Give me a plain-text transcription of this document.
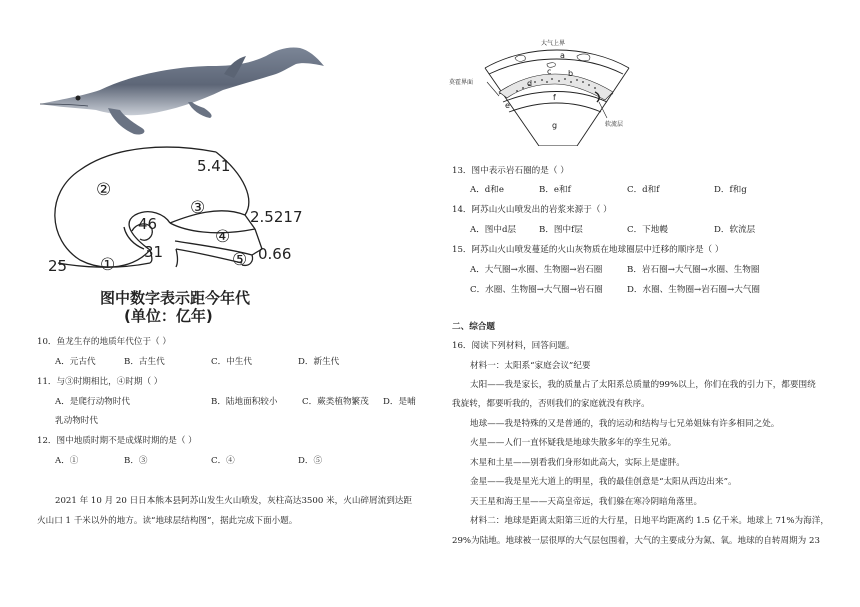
5.41
2.5217
0.66
46
31
25
②
③
④
⑤
①
图中数字表示距今年代
(单位：亿年)
10．鱼龙生存的地质年代位于（ ）
A．元古代	B．古生代	C．中生代	D．新生代
11．与③时期相比，④时期（ ）
A．是爬行动物时代	B．陆地面积较小	C．蕨类植物繁茂 D．是哺
乳动物时代
12．图中地质时期不是成煤时期的是（ ）
A．①	B．③	C．④	D．⑤
2021 年 10 月 20 日日本熊本县阿苏山发生火山喷发，灰柱高达3500 米，火山碎屑流到达距
火山口 1 千米以外的地方。读“地球层结构图”，据此完成下面小题。
大气上界
莫霍界面
软流层
a
b
c
d
e
f
g
13．图中表示岩石圈的是（ ）
A．d和e	B．e和f	C．d和f	D．f和g
14．阿苏山火山喷发出的岩浆来源于（ ）
A．图中d层	B．图中f层	C．下地幔	D．软流层
15．阿苏山火山喷发蔓延的火山灰物质在地球圈层中迁移的顺序是（ ）
A．大气圈→水圈、生物圈→岩石圈	B．岩石圈→大气圈→水圈、生物圈
C．水圈、生物圈→大气圈→岩石圈	D．水圈、生物圈→岩石圈→大气圈
二、综合题
16．阅读下列材料，回答问题。
材料一：太阳系“家庭会议”纪要
太阳——我是家长，我的质量占了太阳系总质量的99%以上，你们在我的引力下，都要围绕
我旋转，都要听我的，否则我们的家庭就没有秩序。
地球——我是特殊的又是普通的，我的运动和结构与七兄弟姐妹有许多相同之处。
火星——人们一直怀疑我是地球失散多年的孪生兄弟。
木星和土星——别看我们身形如此高大，实际上是虚胖。
金星——我是星光大道上的明星，我的最佳创意是“太阳从西边出来”。
天王星和海王星——天高皇帝远，我们躲在寒冷阴暗角落里。
材料二：地球是距离太阳第三近的大行星，日地平均距离约 1.5 亿千米。地球上 71%为海洋，
29%为陆地。地球被一层很厚的大气层包围着，大气的主要成分为氮、氧。地球的自转周期为 23
